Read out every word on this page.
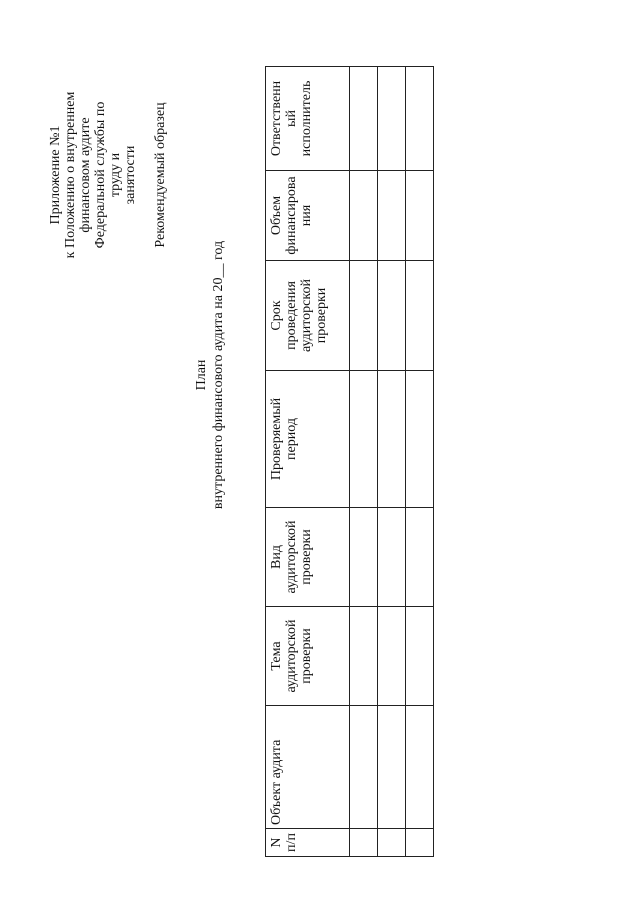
Приложение №1 к Положению о внутреннем финансовом аудите Федеральной службы по труду и занятости Рекомендуемый образец
План внутреннего финансового аудита на 20__ год
N п/п	Объект аудита	Тема аудиторской проверки	Вид аудиторской проверки	Проверяемый период	Срок проведения аудиторской проверки	Объем финансирова ния	Ответственн ый исполнитель
